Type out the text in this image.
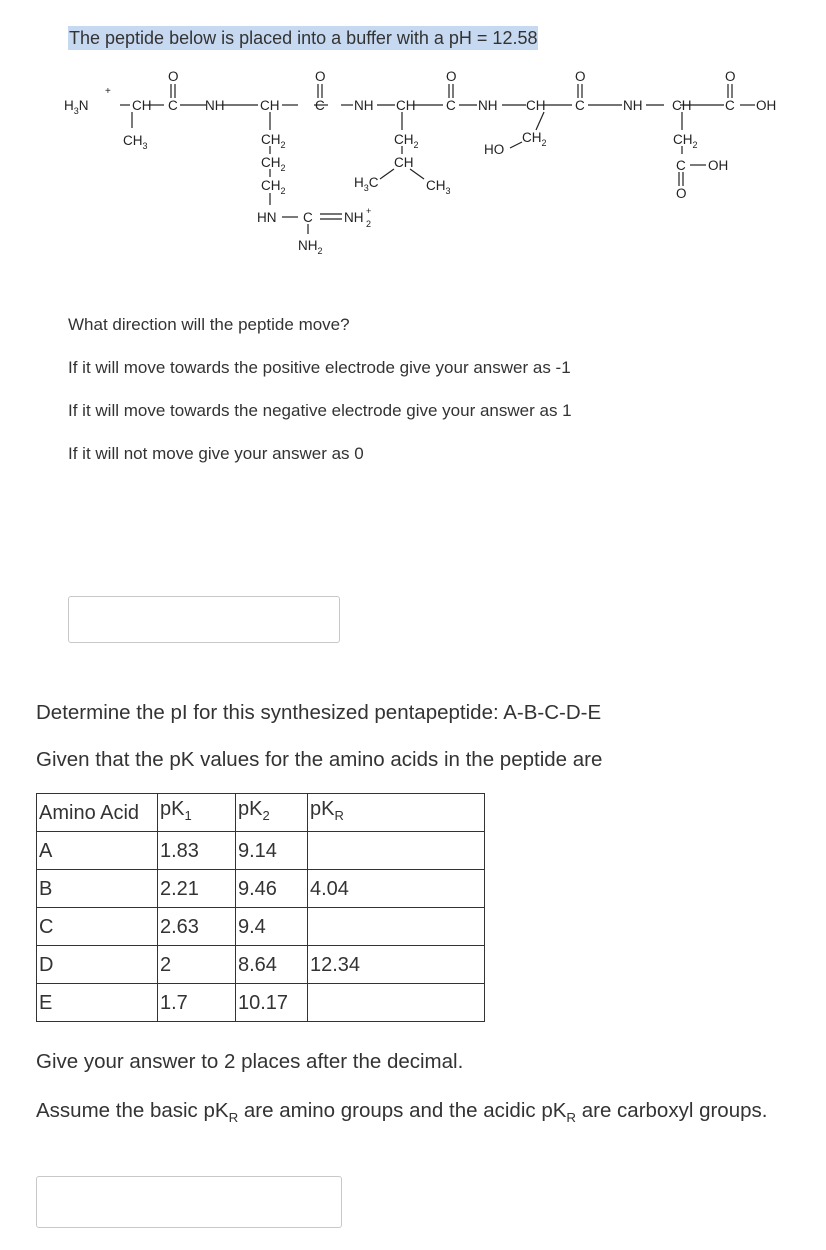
The peptide below is placed into a buffer with a pH = 12.58
$H_3N$
+
CH C
O
$CH_3$
NH	CH	C
O
$CH_2$
$CH_2$
$CH_2$
HN C NH +
2
$NH_2$
NH CH C
O
$CH_2$
CH
$H_3C$	$CH_3$
NH CH C
O
$CH_2$
HO
NH CH C
O
OH
$CH_2$
C OH
O
What direction will the peptide move?
If it will move towards the positive electrode give your answer as -1
If it will move towards the negative electrode give your answer as 1
If it will not move give your answer as 0
Determine the pI for this synthesized pentapeptide: A-B-C-D-E
Given that the pK values for the amino acids in the peptide are
Amino Acid	$pK_1$	$pK_2$	$pK_R$
A	1.83	9.14	
B	2.21	9.46	4.04
C	2.63	9.4	
D	2	8.64	12.34
E	1.7	10.17	
Give your answer to 2 places after the decimal.
Assume the basic $pK_R$ are amino groups and the acidic $pK_R$ are carboxyl groups.
